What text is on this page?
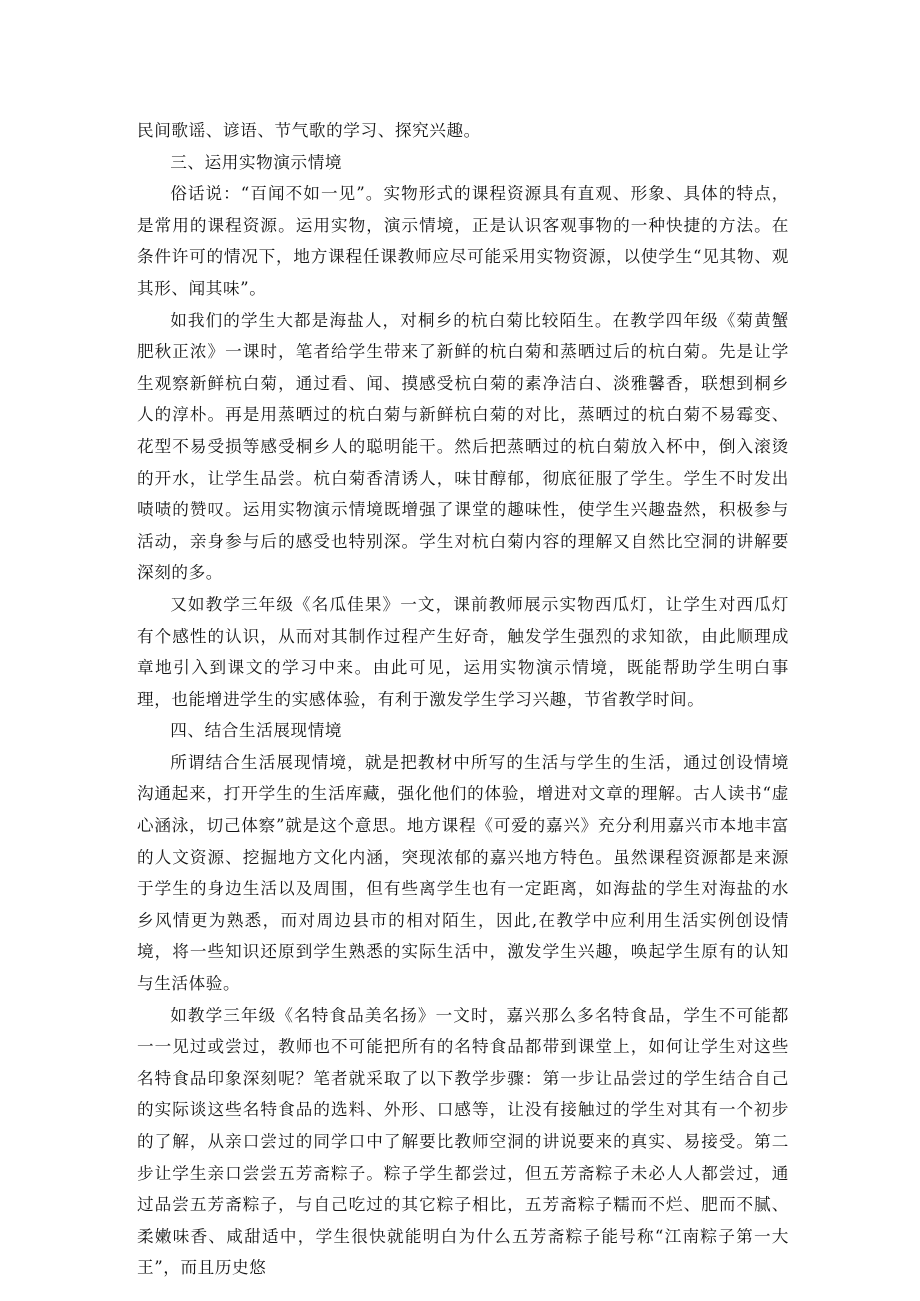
民间歌谣、谚语、节气歌的学习、探究兴趣。

三、运用实物演示情境

俗话说：“百闻不如一见”。实物形式的课程资源具有直观、形象、具体的特点，是常用的课程资源。运用实物，演示情境，正是认识客观事物的一种快捷的方法。在条件许可的情况下，地方课程任课教师应尽可能采用实物资源，以使学生“见其物、观其形、闻其味”。

如我们的学生大都是海盐人，对桐乡的杭白菊比较陌生。在教学四年级《菊黄蟹肥秋正浓》一课时，笔者给学生带来了新鲜的杭白菊和蒸晒过后的杭白菊。先是让学生观察新鲜杭白菊，通过看、闻、摸感受杭白菊的素净洁白、淡雅馨香，联想到桐乡人的淳朴。再是用蒸晒过的杭白菊与新鲜杭白菊的对比，蒸晒过的杭白菊不易霉变、花型不易受损等感受桐乡人的聪明能干。然后把蒸晒过的杭白菊放入杯中，倒入滚烫的开水，让学生品尝。杭白菊香清诱人，味甘醇郁，彻底征服了学生。学生不时发出啧啧的赞叹。运用实物演示情境既增强了课堂的趣味性，使学生兴趣盎然，积极参与活动，亲身参与后的感受也特别深。学生对杭白菊内容的理解又自然比空洞的讲解要深刻的多。

又如教学三年级《名瓜佳果》一文，课前教师展示实物西瓜灯，让学生对西瓜灯有个感性的认识，从而对其制作过程产生好奇，触发学生强烈的求知欲，由此顺理成章地引入到课文的学习中来。由此可见，运用实物演示情境，既能帮助学生明白事理，也能增进学生的实感体验，有利于激发学生学习兴趣，节省教学时间。

四、结合生活展现情境

所谓结合生活展现情境，就是把教材中所写的生活与学生的生活，通过创设情境沟通起来，打开学生的生活库藏，强化他们的体验，增进对文章的理解。古人读书“虚心涵泳，切己体察”就是这个意思。地方课程《可爱的嘉兴》充分利用嘉兴市本地丰富的人文资源、挖掘地方文化内涵，突现浓郁的嘉兴地方特色。虽然课程资源都是来源于学生的身边生活以及周围，但有些离学生也有一定距离，如海盐的学生对海盐的水乡风情更为熟悉，而对周边县市的相对陌生，因此,在教学中应利用生活实例创设情境，将一些知识还原到学生熟悉的实际生活中，激发学生兴趣，唤起学生原有的认知与生活体验。

如教学三年级《名特食品美名扬》一文时，嘉兴那么多名特食品，学生不可能都一一见过或尝过，教师也不可能把所有的名特食品都带到课堂上，如何让学生对这些名特食品印象深刻呢？笔者就采取了以下教学步骤：第一步让品尝过的学生结合自己的实际谈这些名特食品的选料、外形、口感等，让没有接触过的学生对其有一个初步的了解，从亲口尝过的同学口中了解要比教师空洞的讲说要来的真实、易接受。第二步让学生亲口尝尝五芳斋粽子。粽子学生都尝过，但五芳斋粽子未必人人都尝过，通过品尝五芳斋粽子，与自己吃过的其它粽子相比，五芳斋粽子糯而不烂、肥而不腻、柔嫩味香、咸甜适中，学生很快就能明白为什么五芳斋粽子能号称“江南粽子第一大王”，而且历史悠
